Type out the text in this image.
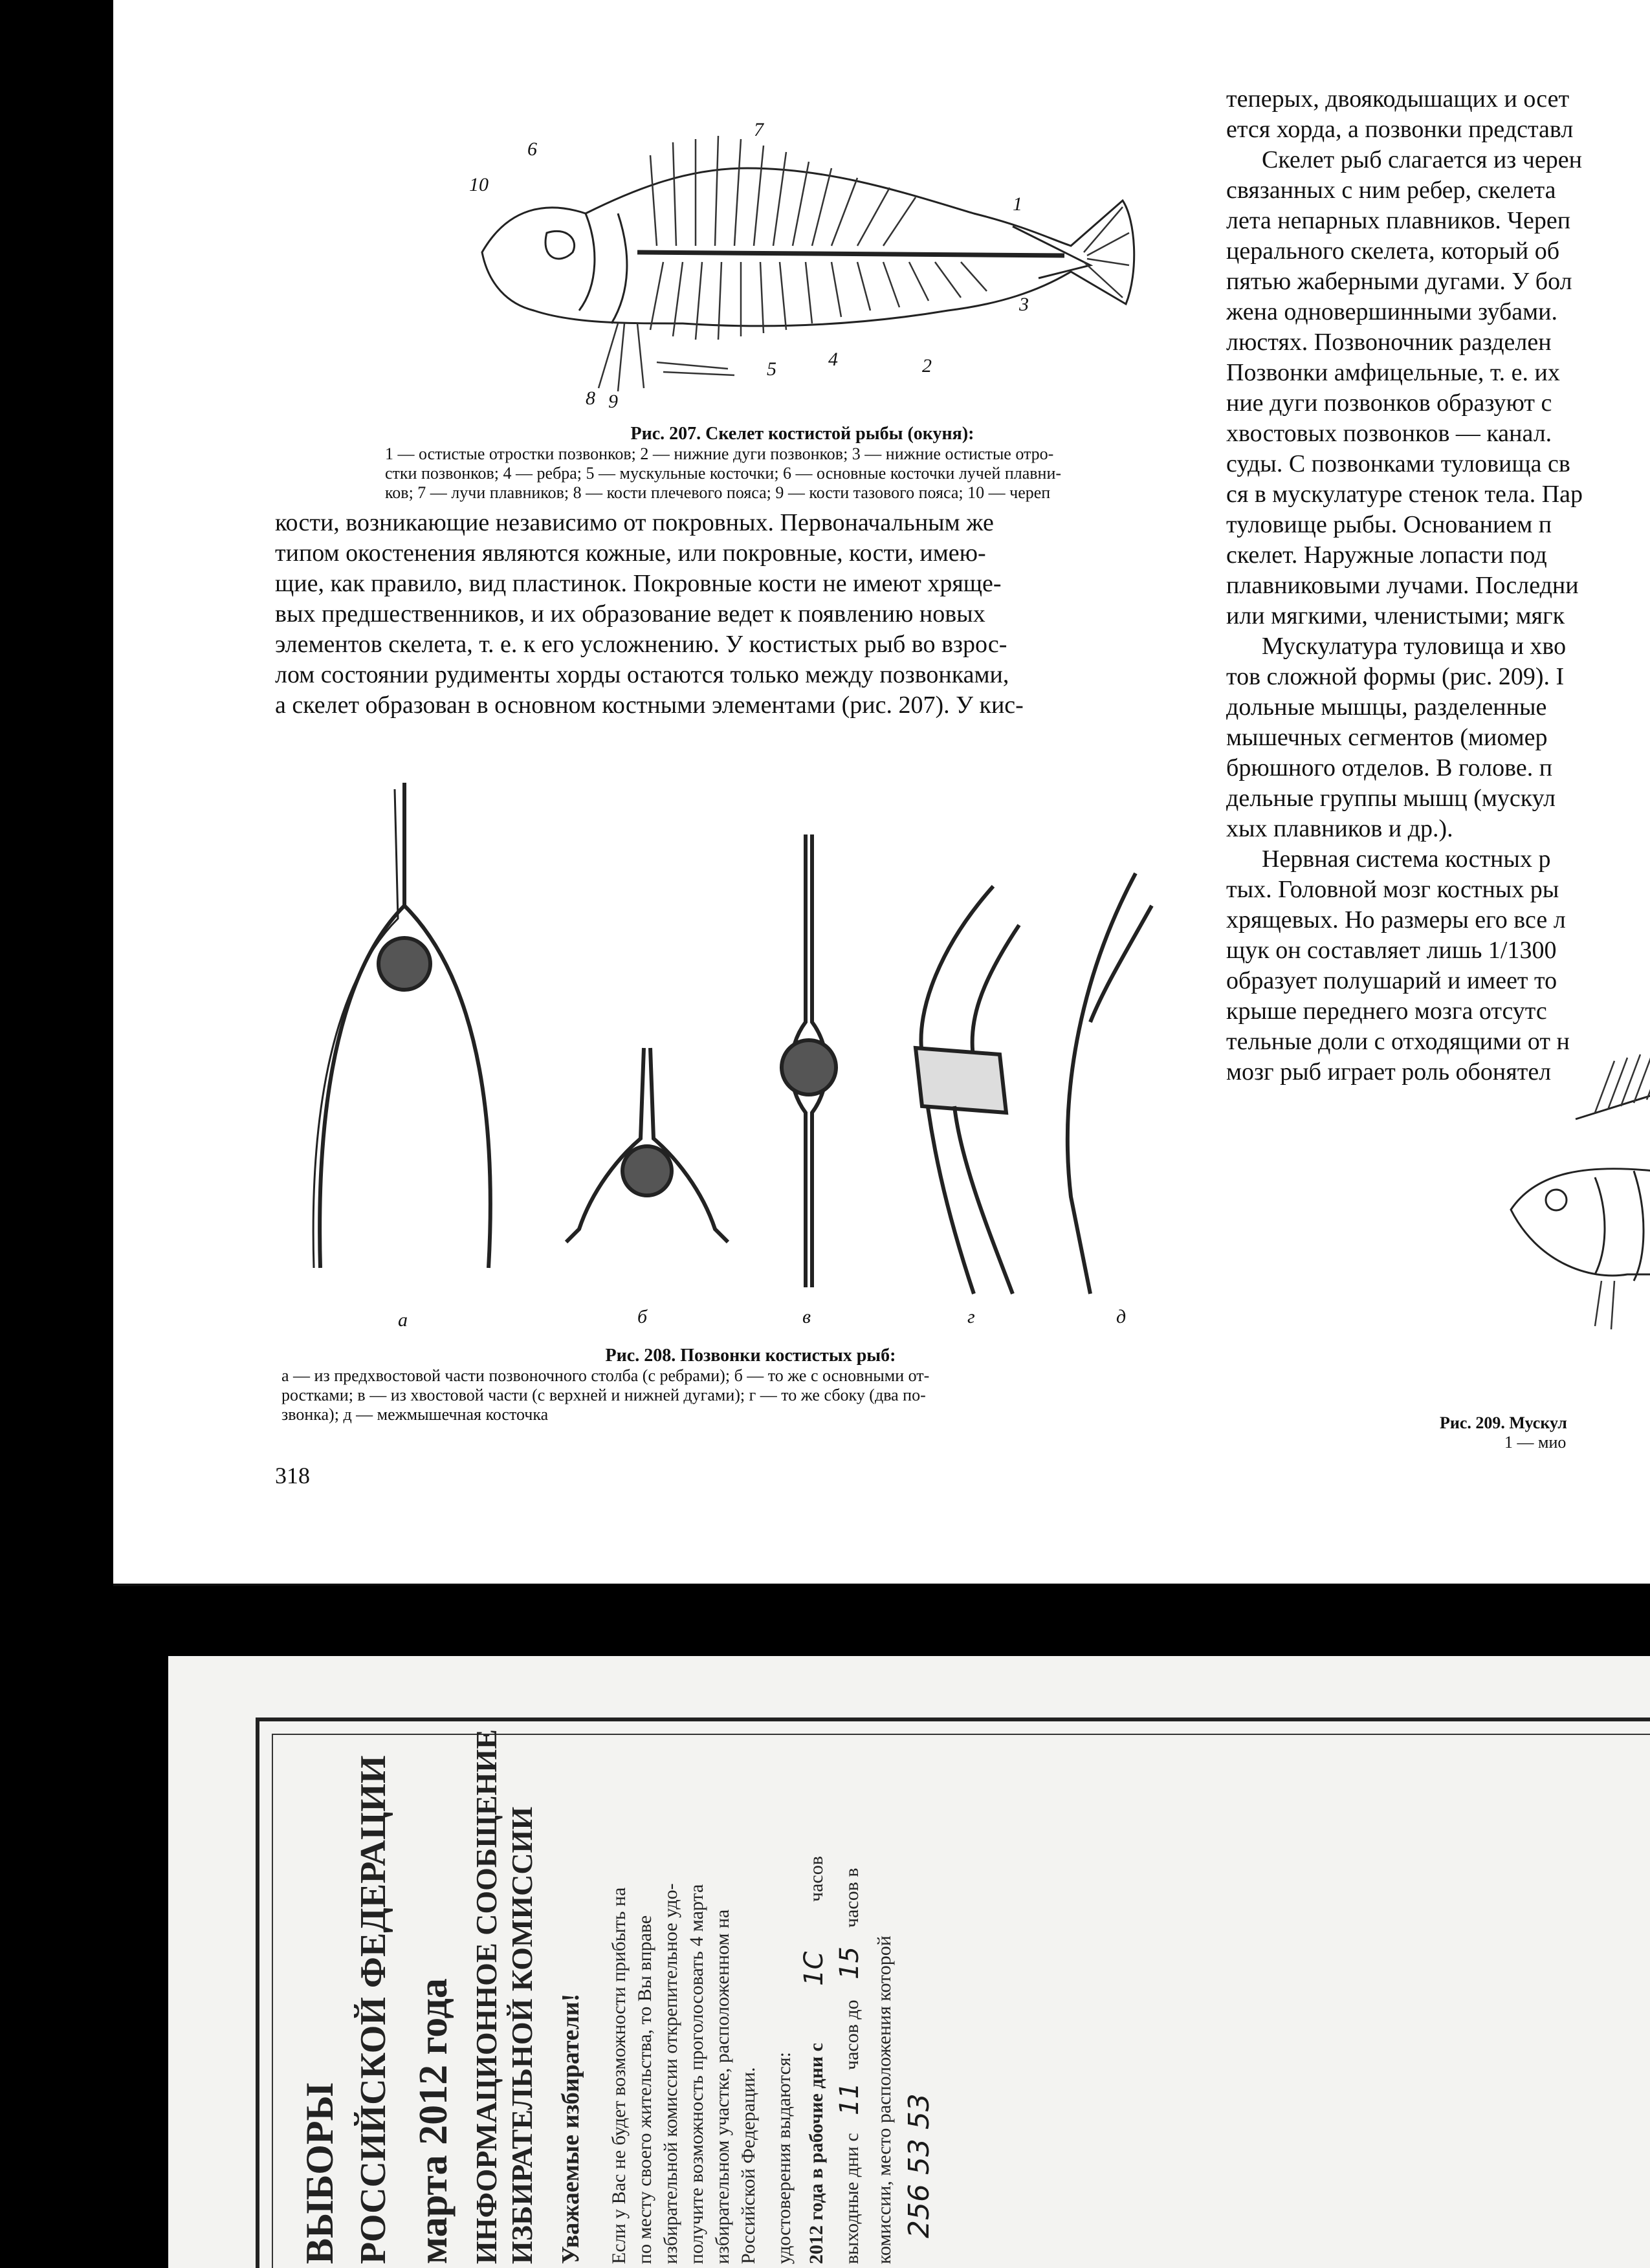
6
7
10
1
3
2
4
5
8 9
Рис. 207. Скелет костистой рыбы (окуня):
1 — остистые отростки позвонков; 2 — нижние дуги позвонков; 3 — нижние остистые отро-
стки позвонков; 4 — ребра; 5 — мускульные косточки; 6 — основные косточки лучей плавни-
ков; 7 — лучи плавников; 8 — кости плечевого пояса; 9 — кости тазового пояса; 10 — череп

кости, возникающие независимо от покровных. Первоначальным же

типом окостенения являются кожные, или покровные, кости, имею-

щие, как правило, вид пластинок. Покровные кости не имеют хряще-

вых предшественников, и их образование ведет к появлению новых

элементов скелета, т. е. к его усложнению. У костистых рыб во взрос-

лом состоянии рудименты хорды остаются только между позвонками,

а скелет образован в основном костными элементами (рис. 207). У кис-

а	б	в	г	д
Рис. 208. Позвонки костистых рыб:
а — из предхвостовой части позвоночного столба (с ребрами); б — то же с основными от-
ростками; в — из хвостовой части (с верхней и нижней дугами); г — то же сбоку (два по-
звонка); д — межмышечная косточка
318

теперых, двоякодышащих и осет

ется хорда, а позвонки представл

Скелет рыб слагается из черен

связанных с ним ребер, скелета

лета непарных плавников. Череп

церального скелета, который об

пятью жаберными дугами. У бол

жена одновершинными зубами.

люстях. Позвоночник разделен

Позвонки амфицельные, т. е. их

ние дуги позвонков образуют с

хвостовых позвонков — канал.

суды. С позвонками туловища св

ся в мускулатуре стенок тела. Пар

туловище рыбы. Основанием п

скелет. Наружные лопасти под

плавниковыми лучами. Последни

или мягкими, членистыми; мягк

Мускулатура туловища и хво

тов сложной формы (рис. 209). I

дольные мышцы, разделенные

мышечных сегментов (миомер

брюшного отделов. В голове. п

дельные группы мышц (мускул

хых плавников и др.).

Нервная система костных р

тых. Головной мозг костных ры

хрящевых. Но размеры его все л

щук он составляет лишь 1/1300

образует полушарий и имеет то

крыше переднего мозга отсутс

тельные доли с отходящими от н

мозг рыб играет роль обонятел

Рис. 209. Мускул
1 — мио
ВЫБОРЫ РОССИЙСКОЙ ФЕДЕРАЦИИ марта 2012 года ИНФОРМАЦИОННОЕ СООБЩЕНИЕ ИЗБИРАТЕЛЬНОЙ КОМИССИИ Уважаемые избиратели! Если у Вас не будет возможности прибыть на по месту своего жительства, то Вы вправе избирательной комиссии открепительное удо- получите возможность проголосовать 4 марта избирательном участке, расположенном на Российской Федерации. удостоверения выдаются: 2012 года в рабочие дни с
1С
часов
выходные дни с
11
часов до
15
часов в
комиссии, место расположения которой 256 53 53
